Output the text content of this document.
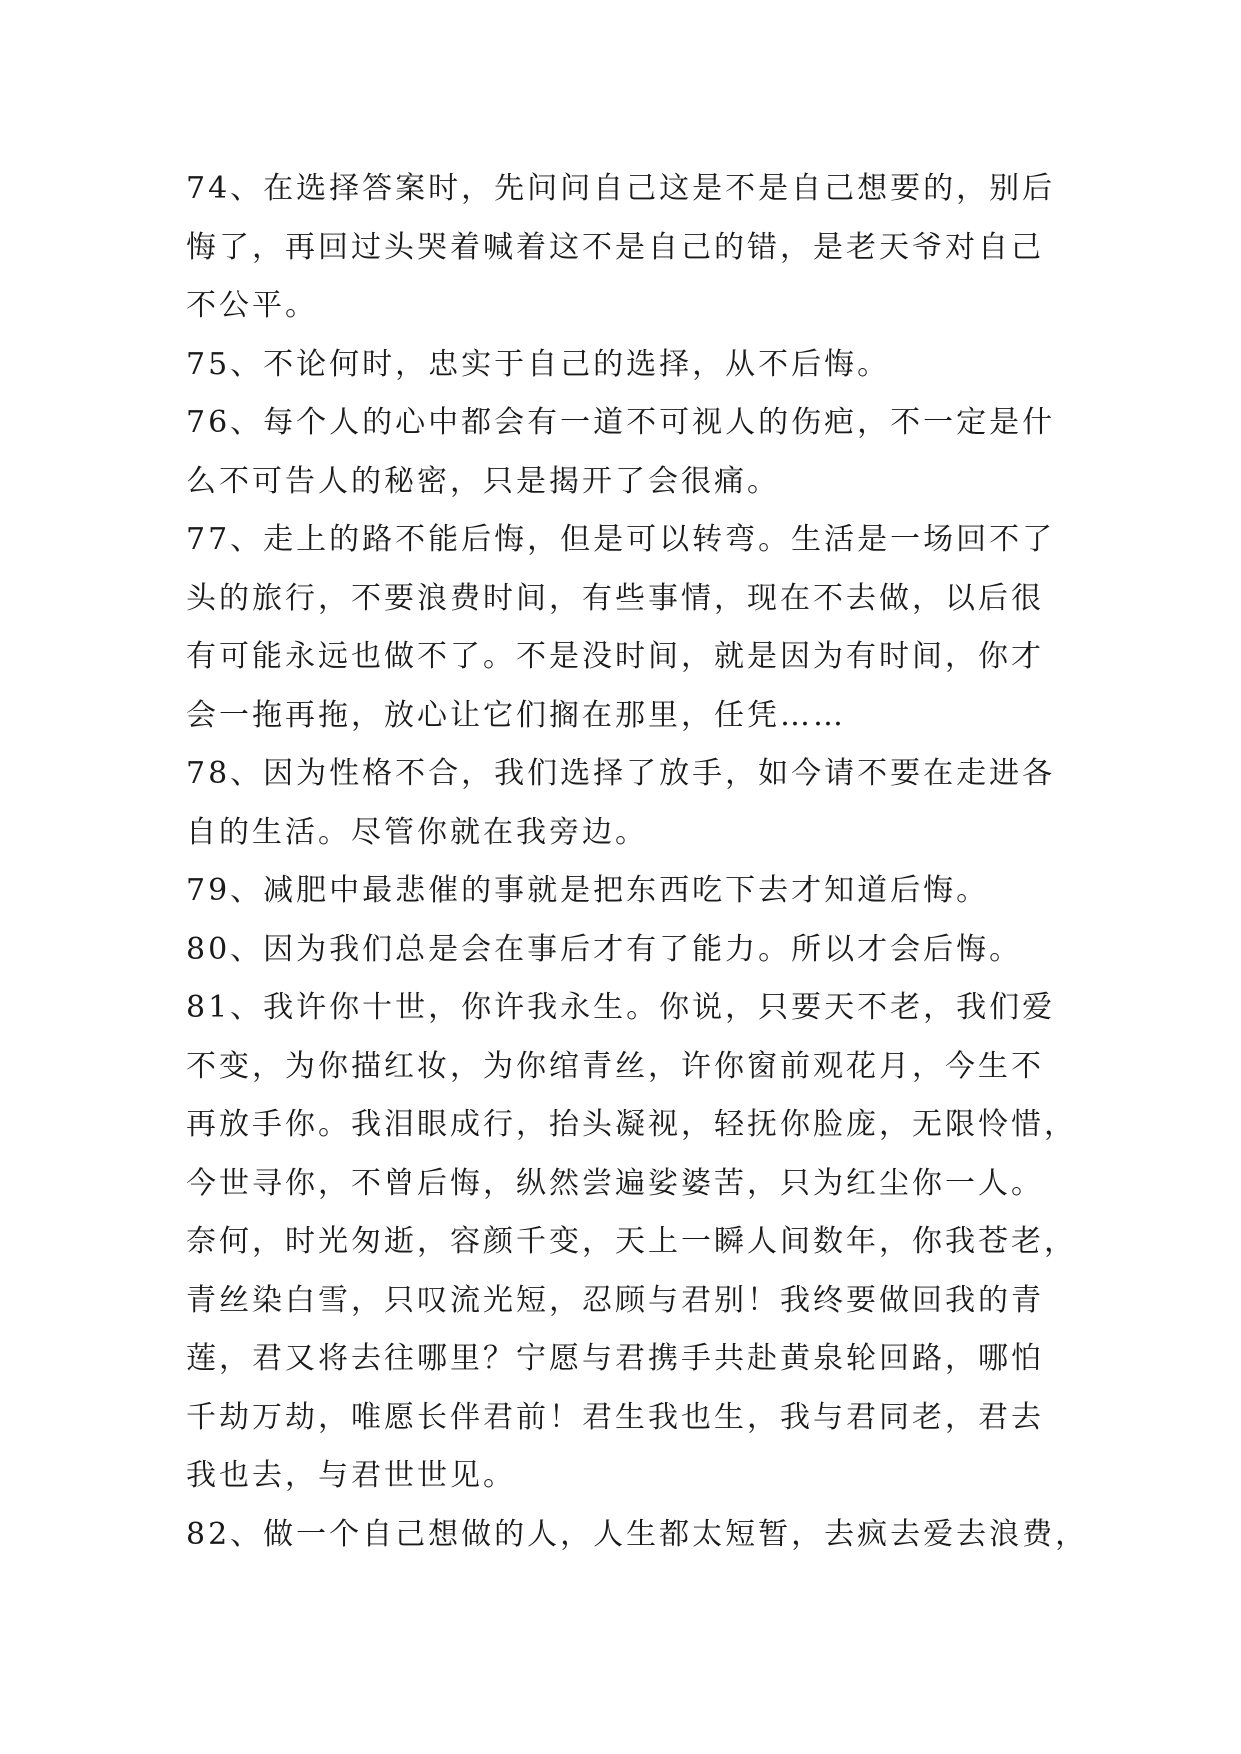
74、在选择答案时，先问问自己这是不是自己想要的，别后
悔了，再回过头哭着喊着这不是自己的错，是老天爷对自己
不公平。
75、不论何时，忠实于自己的选择，从不后悔。
76、每个人的心中都会有一道不可视人的伤疤，不一定是什
么不可告人的秘密，只是揭开了会很痛。
77、走上的路不能后悔，但是可以转弯。生活是一场回不了
头的旅行，不要浪费时间，有些事情，现在不去做，以后很
有可能永远也做不了。不是没时间，就是因为有时间，你才
会一拖再拖，放心让它们搁在那里，任凭……
78、因为性格不合，我们选择了放手，如今请不要在走进各
自的生活。尽管你就在我旁边。
79、减肥中最悲催的事就是把东西吃下去才知道后悔。
80、因为我们总是会在事后才有了能力。所以才会后悔。
81、我许你十世，你许我永生。你说，只要天不老，我们爱
不变，为你描红妆，为你绾青丝，许你窗前观花月，今生不
再放手你。我泪眼成行，抬头凝视，轻抚你脸庞，无限怜惜，
今世寻你，不曾后悔，纵然尝遍娑婆苦，只为红尘你一人。
奈何，时光匆逝，容颜千变，天上一瞬人间数年，你我苍老，
青丝染白雪，只叹流光短，忍顾与君别！我终要做回我的青
莲，君又将去往哪里？宁愿与君携手共赴黄泉轮回路，哪怕
千劫万劫，唯愿长伴君前！君生我也生，我与君同老，君去
我也去，与君世世见。
82、做一个自己想做的人，人生都太短暂，去疯去爱去浪费，
